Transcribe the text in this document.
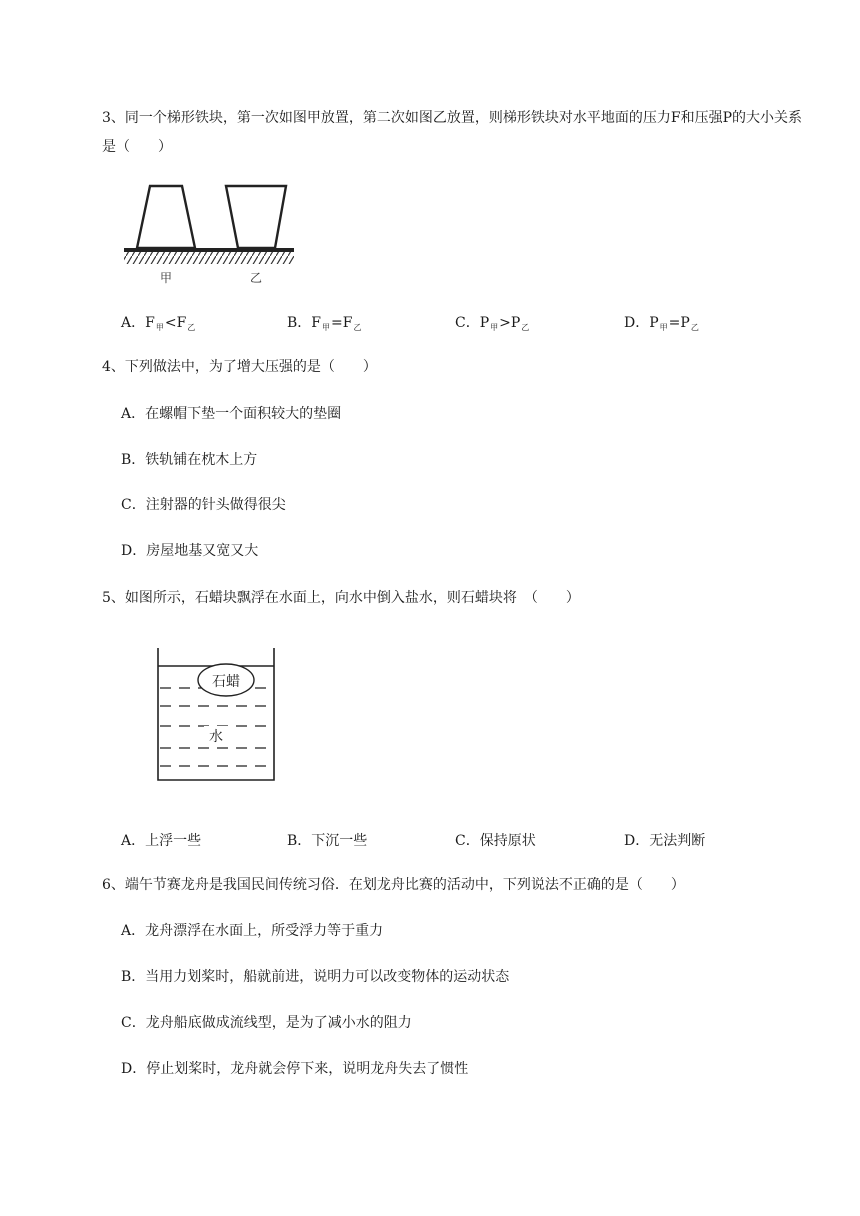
3、同一个梯形铁块，第一次如图甲放置，第二次如图乙放置，则梯形铁块对水平地面的压力F和压强P的大小关系是（　　）
甲	乙
A．$F_甲<F_乙$	B．$F_甲=F_乙$	C．$P_甲>P_乙$	D．$P_甲=P_乙$
4、下列做法中，为了增大压强的是（　　）
A．在螺帽下垫一个面积较大的垫圈
B．铁轨铺在枕木上方
C．注射器的针头做得很尖
D．房屋地基又宽又大
5、如图所示，石蜡块飘浮在水面上，向水中倒入盐水，则石蜡块将　（　　）
石蜡
水
A．上浮一些	B．下沉一些	C．保持原状	D．无法判断
6、端午节赛龙舟是我国民间传统习俗．在划龙舟比赛的活动中，下列说法不正确的是（　　）
A．龙舟漂浮在水面上，所受浮力等于重力
B．当用力划桨时，船就前进，说明力可以改变物体的运动状态
C．龙舟船底做成流线型，是为了减小水的阻力
D．停止划桨时，龙舟就会停下来，说明龙舟失去了惯性
